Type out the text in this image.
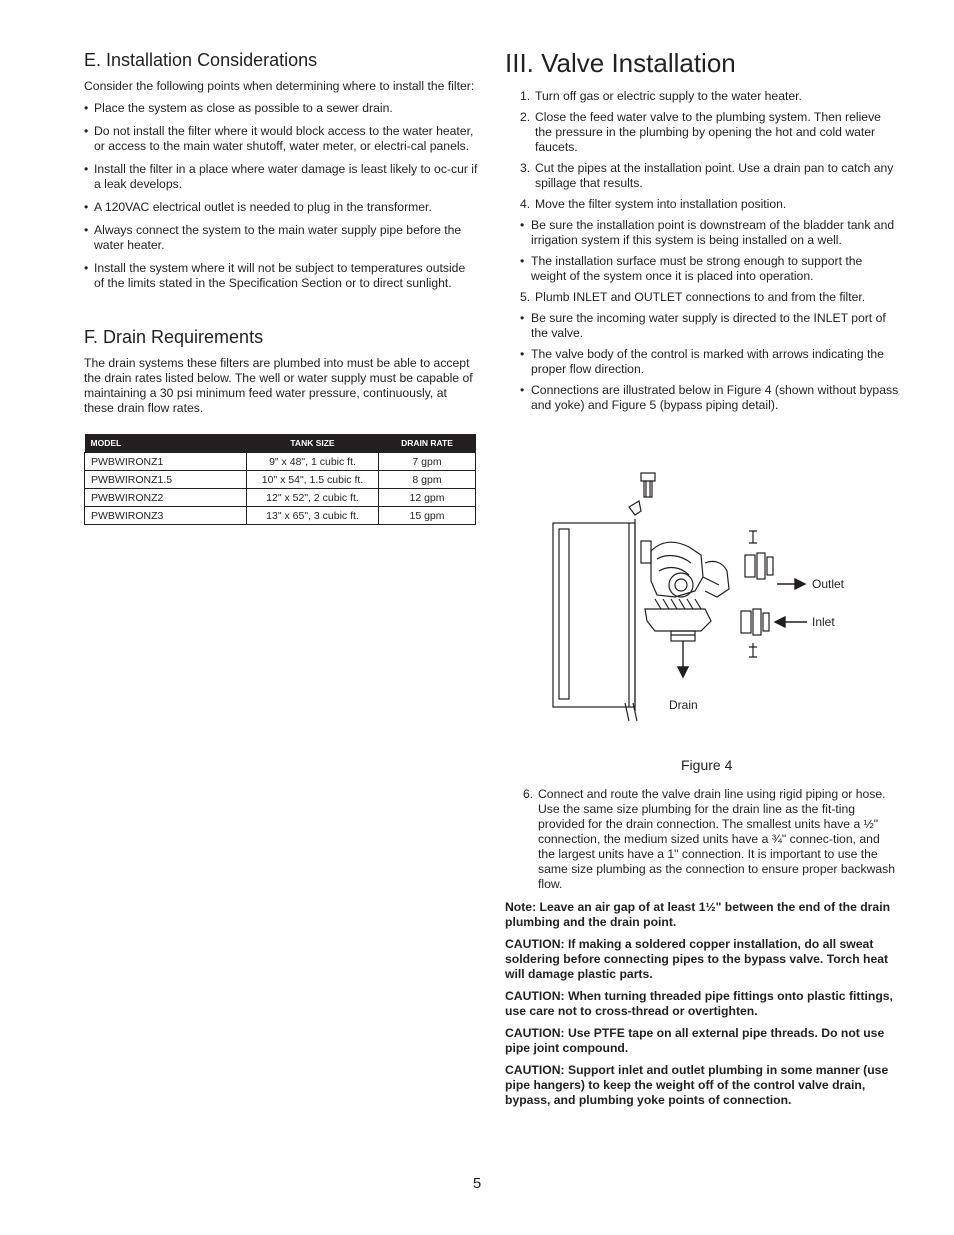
E. Installation Considerations

Consider the following points when determining where to install the filter:

• Place the system as close as possible to a sewer drain.
• Do not install the filter where it would block access to the water heater, or access to the main water shutoff, water meter, or electri-cal panels.
• Install the filter in a place where water damage is least likely to oc-cur if a leak develops.
• A 120VAC electrical outlet is needed to plug in the transformer.
• Always connect the system to the main water supply pipe before the water heater.
• Install the system where it will not be subject to temperatures outside of the limits stated in the Specification Section or to direct sunlight.
F. Drain Requirements

The drain systems these filters are plumbed into must be able to accept the drain rates listed below. The well or water supply must be capable of maintaining a 30 psi minimum feed water pressure, continuously, at these drain flow rates.

MODEL	TANK SIZE	DRAIN RATE
PWBWIRONZ1	9" x 48", 1 cubic ft.	7 gpm
PWBWIRONZ1.5	10" x 54", 1.5 cubic ft.	8 gpm
PWBWIRONZ2	12" x 52", 2 cubic ft.	12 gpm
PWBWIRONZ3	13" x 65", 3 cubic ft.	15 gpm
III. Valve Installation
1. Turn off gas or electric supply to the water heater.
2. Close the feed water valve to the plumbing system. Then relieve the pressure in the plumbing by opening the hot and cold water faucets.
3. Cut the pipes at the installation point. Use a drain pan to catch any spillage that results.
4. Move the filter system into installation position.
• Be sure the installation point is downstream of the bladder tank and irrigation system if this system is being installed on a well.
• The installation surface must be strong enough to support the weight of the system once it is placed into operation.
5. Plumb INLET and OUTLET connections to and from the filter.
• Be sure the incoming water supply is directed to the INLET port of the valve.
• The valve body of the control is marked with arrows indicating the proper flow direction.
• Connections are illustrated below in Figure 4 (shown without bypass and yoke) and Figure 5 (bypass piping detail).
Outlet
Inlet
Drain
Figure 4
6. Connect and route the valve drain line using rigid piping or hose. Use the same size plumbing for the drain line as the fit-ting provided for the drain connection. The smallest units have a ½" connection, the medium sized units have a ¾" connec-tion, and the largest units have a 1" connection. It is important to use the same size plumbing as the connection to ensure proper backwash flow.

Note: Leave an air gap of at least 1½" between the end of the drain plumbing and the drain point.

CAUTION: If making a soldered copper installation, do all sweat soldering before connecting pipes to the bypass valve. Torch heat will damage plastic parts.

CAUTION: When turning threaded pipe fittings onto plastic fittings, use care not to cross-thread or overtighten.

CAUTION: Use PTFE tape on all external pipe threads. Do not use pipe joint compound.

CAUTION: Support inlet and outlet plumbing in some manner (use pipe hangers) to keep the weight off of the control valve drain, bypass, and plumbing yoke points of connection.

5
